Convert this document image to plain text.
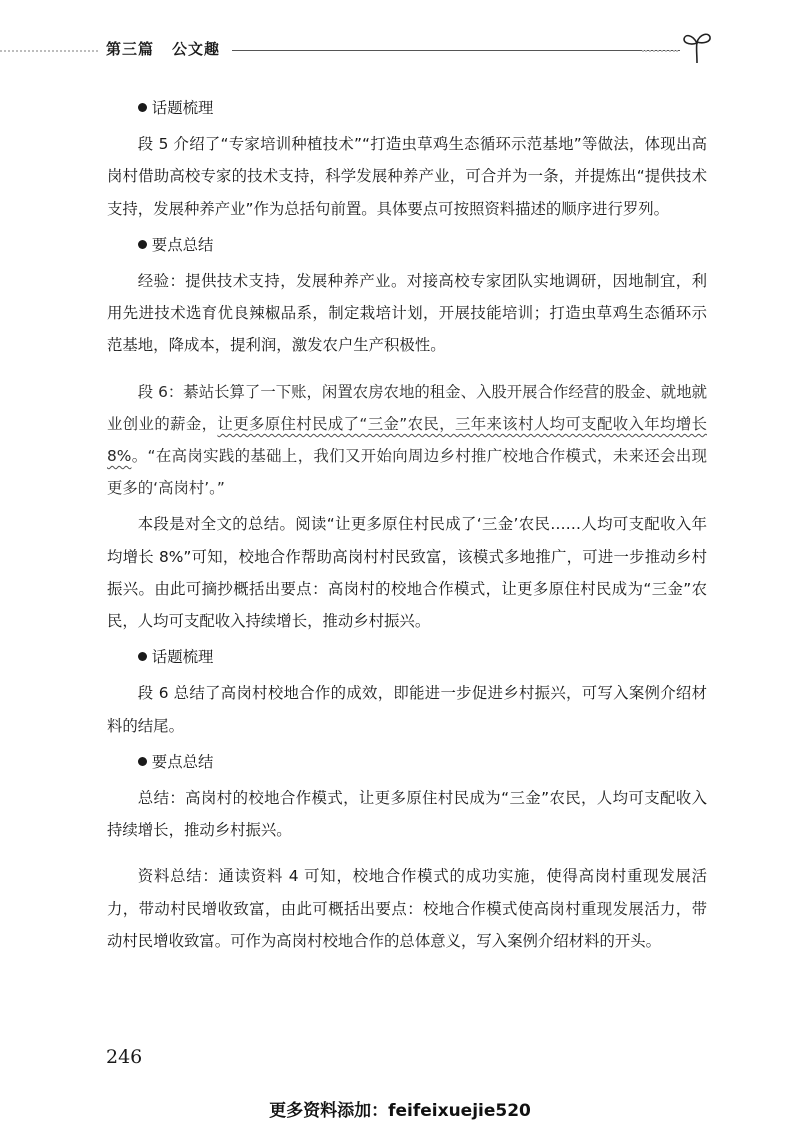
第三篇 公文趣
话题梳理

段 5 介绍了“专家培训种植技术”“打造虫草鸡生态循环示范基地”等做法，体现出高岗村借助高校专家的技术支持，科学发展种养产业，可合并为一条，并提炼出“提供技术支持，发展种养产业”作为总括句前置。具体要点可按照资料描述的顺序进行罗列。

要点总结

经验：提供技术支持，发展种养产业。对接高校专家团队实地调研，因地制宜，利用先进技术选育优良辣椒品系，制定栽培计划，开展技能培训；打造虫草鸡生态循环示范基地，降成本，提利润，激发农户生产积极性。

段 6：綦站长算了一下账，闲置农房农地的租金、入股开展合作经营的股金、就地就业创业的薪金，让更多原住村民成了“三金”农民，三年来该村人均可支配收入年均增长 8%。“在高岗实践的基础上，我们又开始向周边乡村推广校地合作模式，未来还会出现更多的‘高岗村’。”

本段是对全文的总结。阅读“让更多原住村民成了‘三金’农民……人均可支配收入年均增长 8%”可知，校地合作帮助高岗村村民致富，该模式多地推广，可进一步推动乡村振兴。由此可摘抄概括出要点：高岗村的校地合作模式，让更多原住村民成为“三金”农民，人均可支配收入持续增长，推动乡村振兴。

话题梳理

段 6 总结了高岗村校地合作的成效，即能进一步促进乡村振兴，可写入案例介绍材料的结尾。

要点总结

总结：高岗村的校地合作模式，让更多原住村民成为“三金”农民，人均可支配收入持续增长，推动乡村振兴。

资料总结：通读资料 4 可知，校地合作模式的成功实施，使得高岗村重现发展活力，带动村民增收致富，由此可概括出要点：校地合作模式使高岗村重现发展活力，带动村民增收致富。可作为高岗村校地合作的总体意义，写入案例介绍材料的开头。

246
更多资料添加：feifeixuejie520
